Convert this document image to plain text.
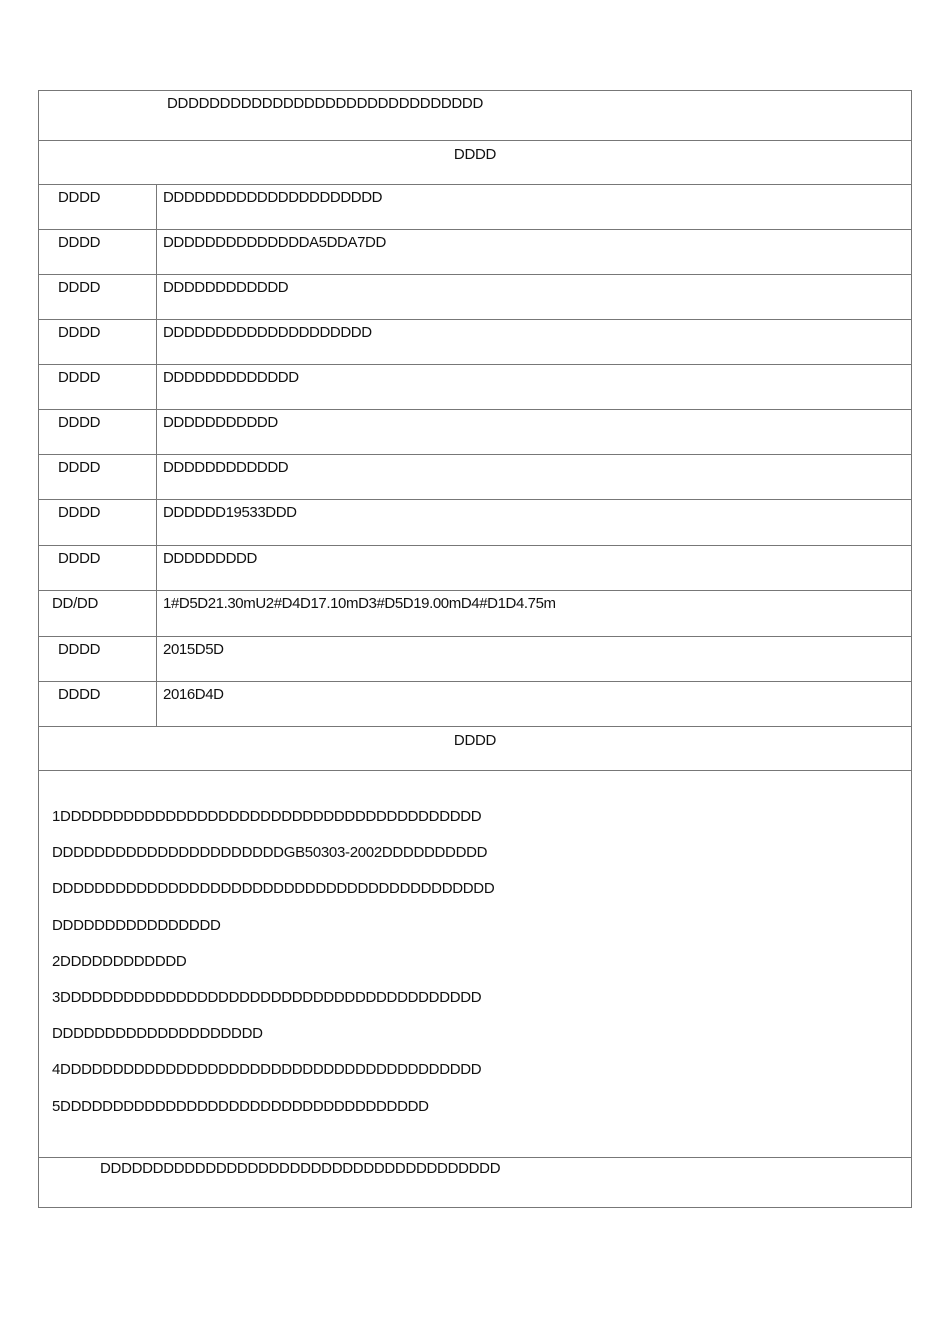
DDDDDDDDDDDDDDDDDDDDDDDDDDDDDD
DDDD
DDDD	DDDDDDDDDDDDDDDDDDDDD
DDDD	DDDDDDDDDDDDDDA5DDA7DD
DDDD	DDDDDDDDDDDD
DDDD	DDDDDDDDDDDDDDDDDDDD
DDDD	DDDDDDDDDDDDD
DDDD	DDDDDDDDDDD
DDDD	DDDDDDDDDDDD
DDDD	DDDDDD19533DDD
DDDD	DDDDDDDDD
DD/DD	1#D5D21.30mU2#D4D17.10mD3#D5D19.00mD4#D1D4.75m
DDDD	2015D5D
DDDD	2016D4D
DDDD
1DDDDDDDDDDDDDDDDDDDDDDDDDDDDDDDDDDDDDDDD
DDDDDDDDDDDDDDDDDDDDDDGB50303-2002DDDDDDDDDD
DDDDDDDDDDDDDDDDDDDDDDDDDDDDDDDDDDDDDDDDDD
DDDDDDDDDDDDDDDD
2DDDDDDDDDDDD
3DDDDDDDDDDDDDDDDDDDDDDDDDDDDDDDDDDDDDDDD
DDDDDDDDDDDDDDDDDDDD
4DDDDDDDDDDDDDDDDDDDDDDDDDDDDDDDDDDDDDDDD
5DDDDDDDDDDDDDDDDDDDDDDDDDDDDDDDDDDD
DDDDDDDDDDDDDDDDDDDDDDDDDDDDDDDDDDDDDD
